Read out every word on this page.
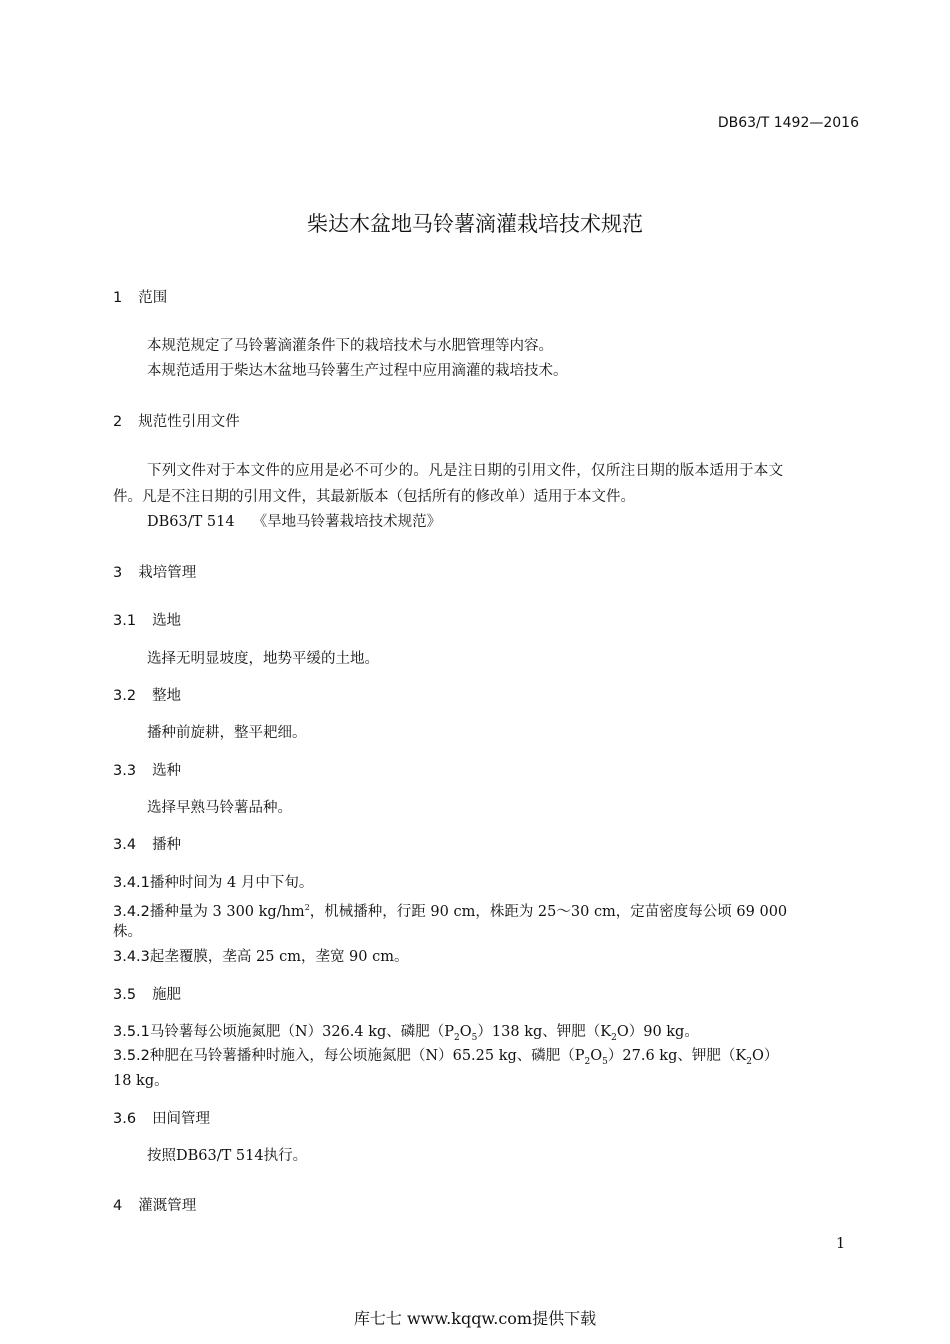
DB63/T 1492—2016
柴达木盆地马铃薯滴灌栽培技术规范
1 范围
本规范规定了马铃薯滴灌条件下的栽培技术与水肥管理等内容。
本规范适用于柴达木盆地马铃薯生产过程中应用滴灌的栽培技术。
2 规范性引用文件
下列文件对于本文件的应用是必不可少的。凡是注日期的引用文件，仅所注日期的版本适用于本文
件。凡是不注日期的引用文件，其最新版本（包括所有的修改单）适用于本文件。
DB63/T 514 《旱地马铃薯栽培技术规范》
3 栽培管理
3.1 选地
选择无明显坡度，地势平缓的土地。
3.2 整地
播种前旋耕，整平耙细。
3.3 选种
选择早熟马铃薯品种。
3.4 播种
3.4.1播种时间为 4 月中下旬。
3.4.2播种量为 3 300 $kg/hm^2$，机械播种，行距 90 cm，株距为 25～30 cm，定苗密度每公顷 69 000
株。
3.4.3起垄覆膜，垄高 25 cm，垄宽 90 cm。
3.5 施肥
3.5.1马铃薯每公顷施氮肥（N）326.4 kg、磷肥$(P_2O_5)138$ kg、钾肥$(K_2O)90$ kg。
3.5.2种肥在马铃薯播种时施入，每公顷施氮肥（N）65.25 kg、磷肥$(P_2O_5)27.6$ kg、钾肥$(K_2O)$
18 kg。
3.6 田间管理
按照DB63/T 514执行。
4 灌溉管理
1
库七七 www.kqqw.com提供下载
